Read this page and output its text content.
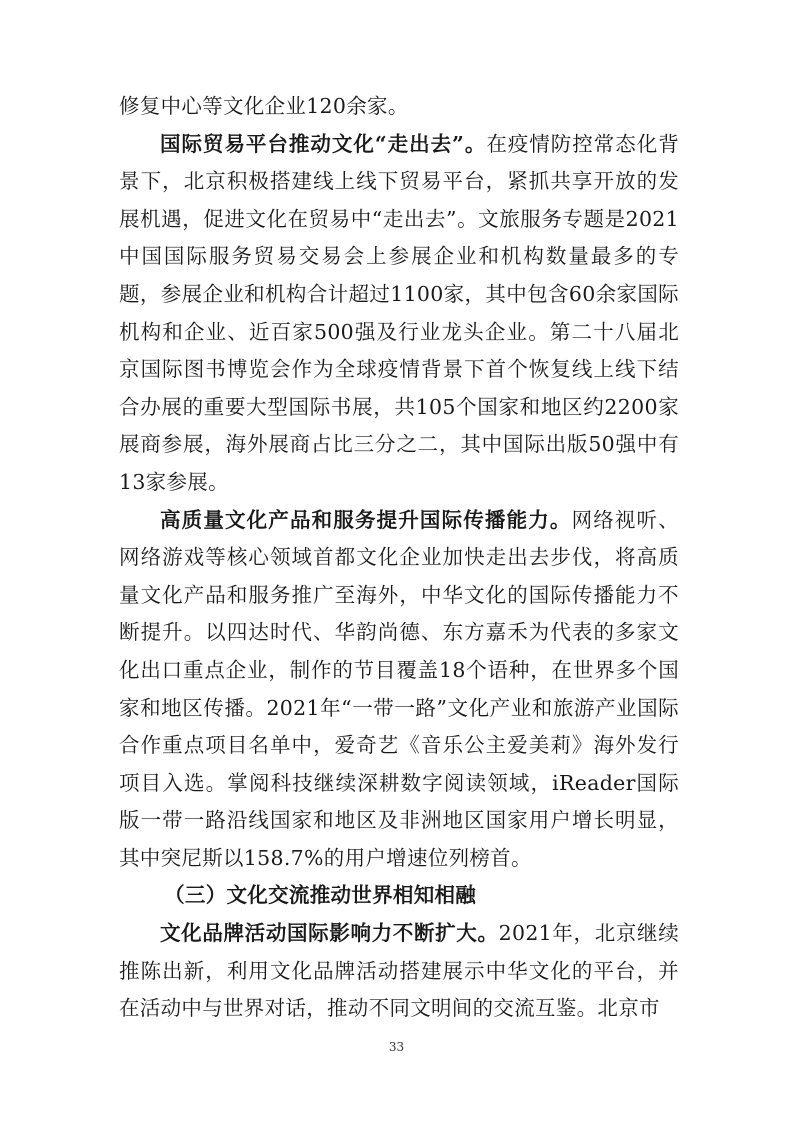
修复中心等文化企业120余家。

国际贸易平台推动文化“走出去”。在疫情防控常态化背景下，北京积极搭建线上线下贸易平台，紧抓共享开放的发展机遇，促进文化在贸易中“走出去”。文旅服务专题是2021中国国际服务贸易交易会上参展企业和机构数量最多的专题，参展企业和机构合计超过1100家，其中包含60余家国际机构和企业、近百家500强及行业龙头企业。第二十八届北京国际图书博览会作为全球疫情背景下首个恢复线上线下结合办展的重要大型国际书展，共105个国家和地区约2200家展商参展，海外展商占比三分之二，其中国际出版50强中有13家参展。

高质量文化产品和服务提升国际传播能力。网络视听、网络游戏等核心领域首都文化企业加快走出去步伐，将高质量文化产品和服务推广至海外，中华文化的国际传播能力不断提升。以四达时代、华韵尚德、东方嘉禾为代表的多家文化出口重点企业，制作的节目覆盖18个语种，在世界多个国家和地区传播。2021年“一带一路”文化产业和旅游产业国际合作重点项目名单中，爱奇艺《音乐公主爱美莉》海外发行项目入选。掌阅科技继续深耕数字阅读领域，iReader国际版一带一路沿线国家和地区及非洲地区国家用户增长明显，其中突尼斯以158.7%的用户增速位列榜首。

（三）文化交流推动世界相知相融

文化品牌活动国际影响力不断扩大。2021年，北京继续推陈出新，利用文化品牌活动搭建展示中华文化的平台，并在活动中与世界对话，推动不同文明间的交流互鉴。北京市

33
